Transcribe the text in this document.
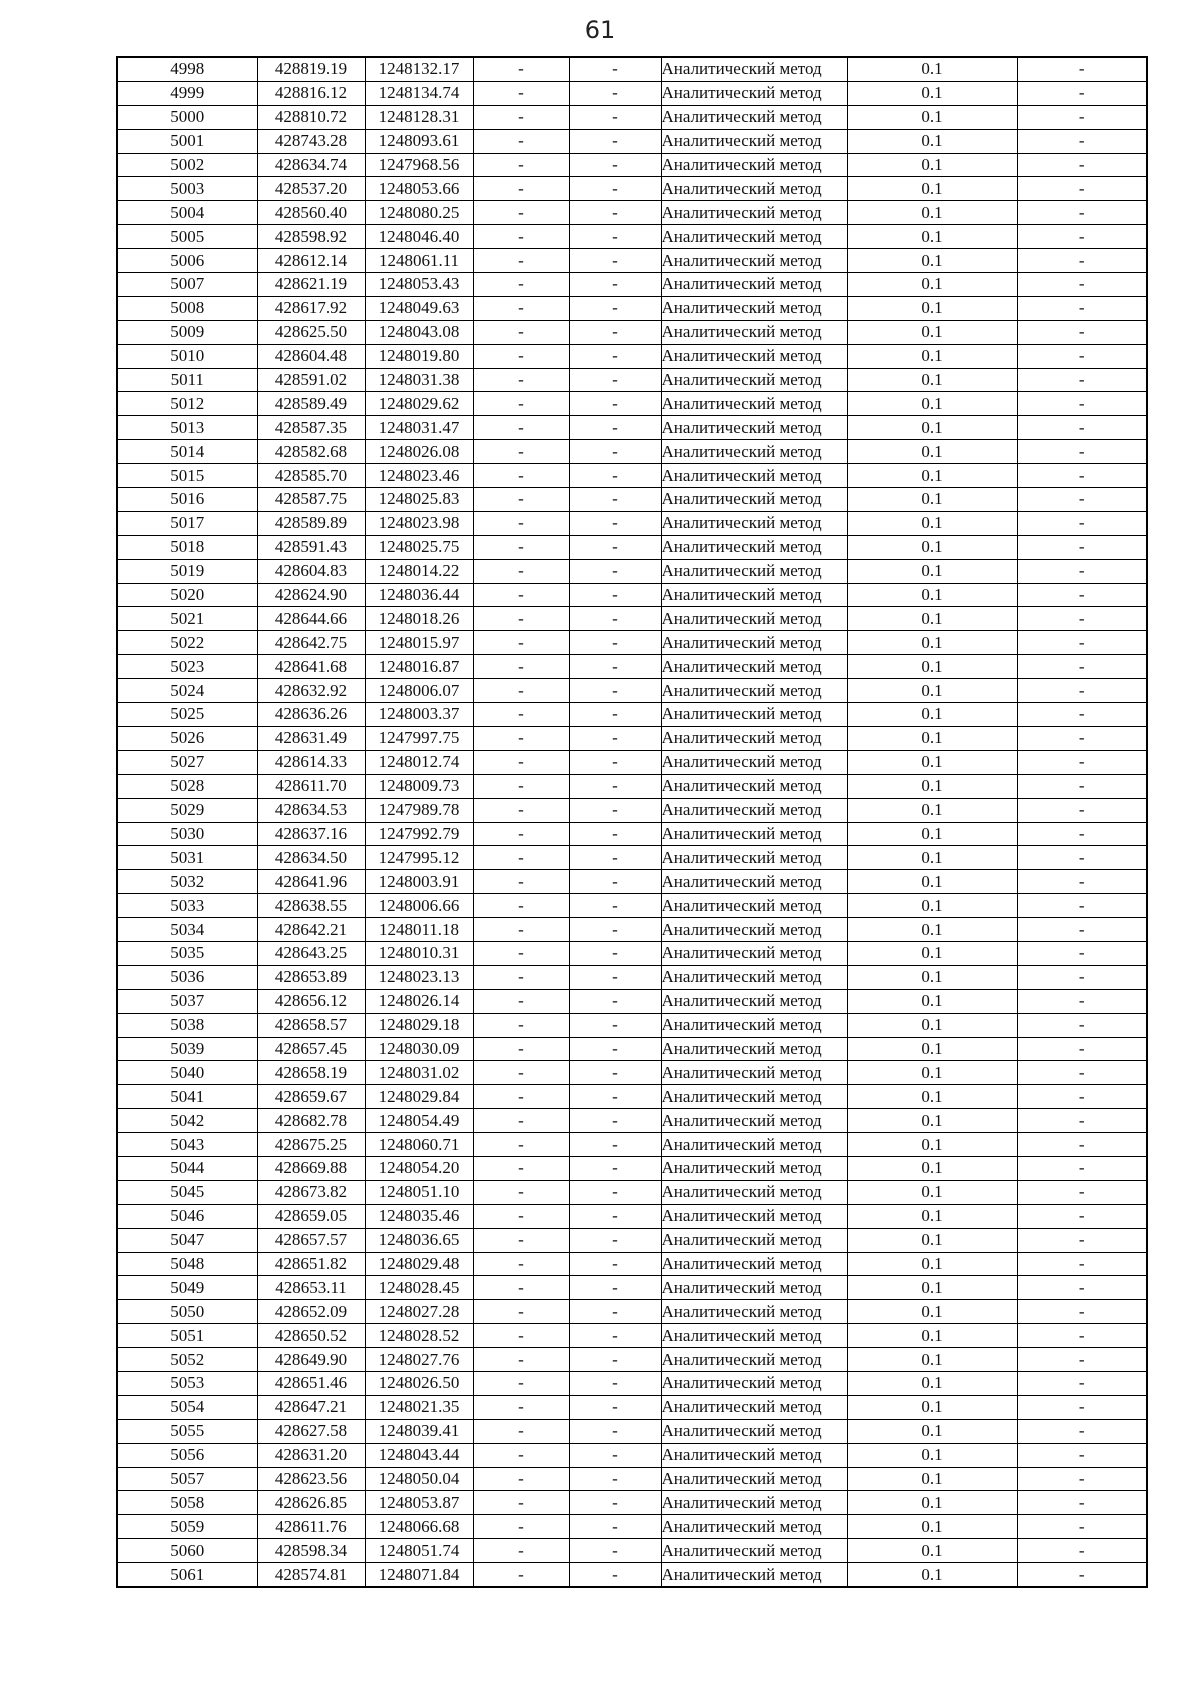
61
4998	428819.19	1248132.17	-	-	Аналитический метод	0.1	-
4999	428816.12	1248134.74	-	-	Аналитический метод	0.1	-
5000	428810.72	1248128.31	-	-	Аналитический метод	0.1	-
5001	428743.28	1248093.61	-	-	Аналитический метод	0.1	-
5002	428634.74	1247968.56	-	-	Аналитический метод	0.1	-
5003	428537.20	1248053.66	-	-	Аналитический метод	0.1	-
5004	428560.40	1248080.25	-	-	Аналитический метод	0.1	-
5005	428598.92	1248046.40	-	-	Аналитический метод	0.1	-
5006	428612.14	1248061.11	-	-	Аналитический метод	0.1	-
5007	428621.19	1248053.43	-	-	Аналитический метод	0.1	-
5008	428617.92	1248049.63	-	-	Аналитический метод	0.1	-
5009	428625.50	1248043.08	-	-	Аналитический метод	0.1	-
5010	428604.48	1248019.80	-	-	Аналитический метод	0.1	-
5011	428591.02	1248031.38	-	-	Аналитический метод	0.1	-
5012	428589.49	1248029.62	-	-	Аналитический метод	0.1	-
5013	428587.35	1248031.47	-	-	Аналитический метод	0.1	-
5014	428582.68	1248026.08	-	-	Аналитический метод	0.1	-
5015	428585.70	1248023.46	-	-	Аналитический метод	0.1	-
5016	428587.75	1248025.83	-	-	Аналитический метод	0.1	-
5017	428589.89	1248023.98	-	-	Аналитический метод	0.1	-
5018	428591.43	1248025.75	-	-	Аналитический метод	0.1	-
5019	428604.83	1248014.22	-	-	Аналитический метод	0.1	-
5020	428624.90	1248036.44	-	-	Аналитический метод	0.1	-
5021	428644.66	1248018.26	-	-	Аналитический метод	0.1	-
5022	428642.75	1248015.97	-	-	Аналитический метод	0.1	-
5023	428641.68	1248016.87	-	-	Аналитический метод	0.1	-
5024	428632.92	1248006.07	-	-	Аналитический метод	0.1	-
5025	428636.26	1248003.37	-	-	Аналитический метод	0.1	-
5026	428631.49	1247997.75	-	-	Аналитический метод	0.1	-
5027	428614.33	1248012.74	-	-	Аналитический метод	0.1	-
5028	428611.70	1248009.73	-	-	Аналитический метод	0.1	-
5029	428634.53	1247989.78	-	-	Аналитический метод	0.1	-
5030	428637.16	1247992.79	-	-	Аналитический метод	0.1	-
5031	428634.50	1247995.12	-	-	Аналитический метод	0.1	-
5032	428641.96	1248003.91	-	-	Аналитический метод	0.1	-
5033	428638.55	1248006.66	-	-	Аналитический метод	0.1	-
5034	428642.21	1248011.18	-	-	Аналитический метод	0.1	-
5035	428643.25	1248010.31	-	-	Аналитический метод	0.1	-
5036	428653.89	1248023.13	-	-	Аналитический метод	0.1	-
5037	428656.12	1248026.14	-	-	Аналитический метод	0.1	-
5038	428658.57	1248029.18	-	-	Аналитический метод	0.1	-
5039	428657.45	1248030.09	-	-	Аналитический метод	0.1	-
5040	428658.19	1248031.02	-	-	Аналитический метод	0.1	-
5041	428659.67	1248029.84	-	-	Аналитический метод	0.1	-
5042	428682.78	1248054.49	-	-	Аналитический метод	0.1	-
5043	428675.25	1248060.71	-	-	Аналитический метод	0.1	-
5044	428669.88	1248054.20	-	-	Аналитический метод	0.1	-
5045	428673.82	1248051.10	-	-	Аналитический метод	0.1	-
5046	428659.05	1248035.46	-	-	Аналитический метод	0.1	-
5047	428657.57	1248036.65	-	-	Аналитический метод	0.1	-
5048	428651.82	1248029.48	-	-	Аналитический метод	0.1	-
5049	428653.11	1248028.45	-	-	Аналитический метод	0.1	-
5050	428652.09	1248027.28	-	-	Аналитический метод	0.1	-
5051	428650.52	1248028.52	-	-	Аналитический метод	0.1	-
5052	428649.90	1248027.76	-	-	Аналитический метод	0.1	-
5053	428651.46	1248026.50	-	-	Аналитический метод	0.1	-
5054	428647.21	1248021.35	-	-	Аналитический метод	0.1	-
5055	428627.58	1248039.41	-	-	Аналитический метод	0.1	-
5056	428631.20	1248043.44	-	-	Аналитический метод	0.1	-
5057	428623.56	1248050.04	-	-	Аналитический метод	0.1	-
5058	428626.85	1248053.87	-	-	Аналитический метод	0.1	-
5059	428611.76	1248066.68	-	-	Аналитический метод	0.1	-
5060	428598.34	1248051.74	-	-	Аналитический метод	0.1	-
5061	428574.81	1248071.84	-	-	Аналитический метод	0.1	-
